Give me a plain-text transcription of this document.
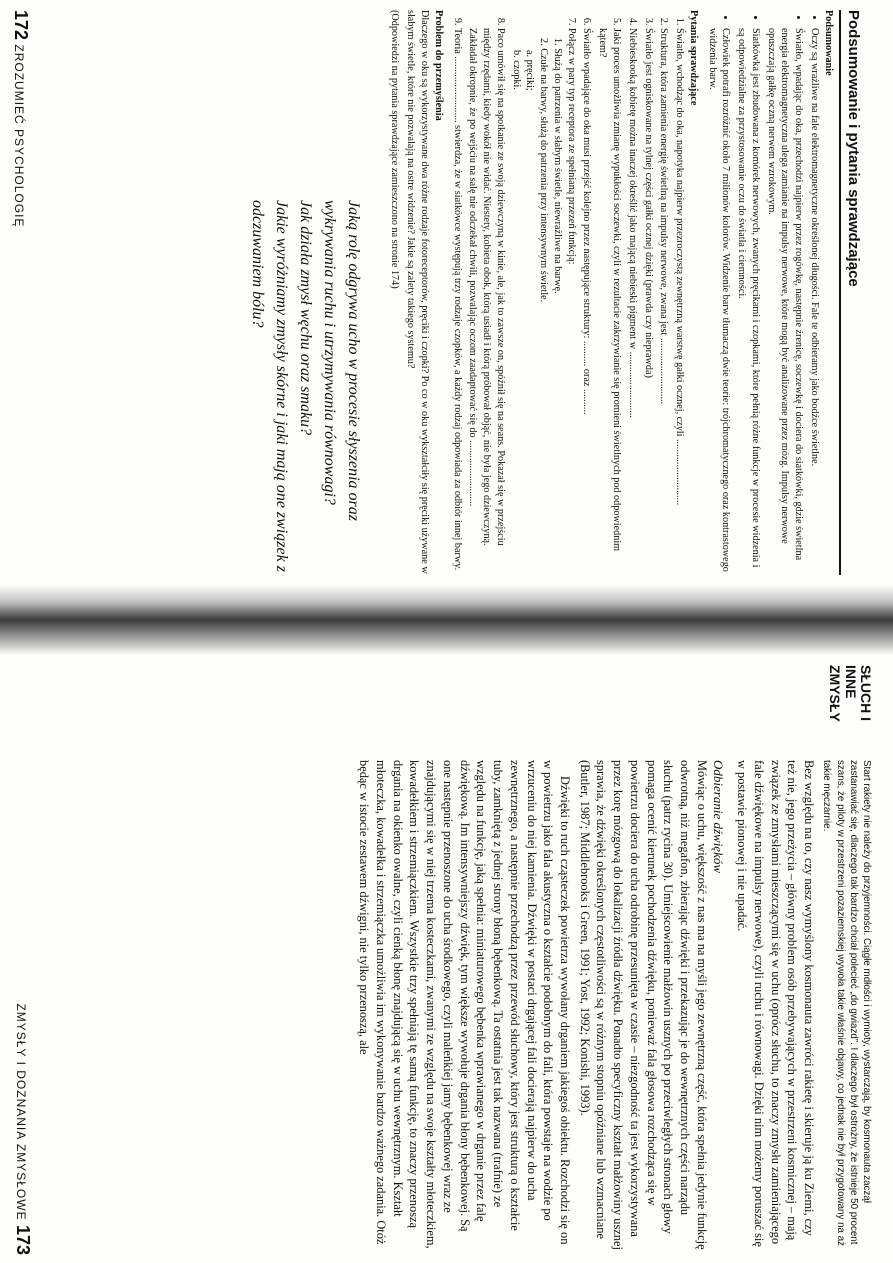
Podsumowanie i pytania sprawdzające
Podsumowanie
• Oczy są wrażliwe na fale elektromagnetyczne określonej długości. Fale te odbieramy jako bodźce świetlne.
• Światło, wpadając do oka, przechodzi najpierw przez rogówkę, następnie źrenicę, soczewkę i dociera do siatkówki, gdzie świetlna energia elektromagnetyczna ulega zamianie na impulsy nerwowe, które mogą być analizowane przez mózg. Impulsy nerwowe opuszczają gałkę oczną nerwem wzrokowym.
• Siatkówka jest zbudowana z komórek nerwowych, zwanych pręcikami i czopkami, które pełnią różne funkcje w procesie widzenia i są odpowiedzialne za przystosowanie oczu do światła i ciemności.
• Człowiek potrafi rozróżnić około 7 milionów kolorów. Widzenie barw tłumaczą dwie teorie: trójchromatycznego oraz kontrastowego widzenia barw.
Pytania sprawdzające
1. Światło, wchodząc do oka, napotyka najpierw przezroczystą zewnętrzną warstwę gałki ocznej, czyli ..........................
2. Struktura, która zamienia energię świetlną na impulsy nerwowe, zwana jest ..........................
3. Światło jest ogniskowane na tylnej części gałki ocznej dzięki (prawda czy nieprawda)
4. Niebieskooką kobietę można inaczej określić jako mającą niebieski pigment w ..........................
5. Jaki proces umożliwia zmianę wypukłości soczewki, czyli w rezultacie zakrzywianie się promieni świetlnych pod odpowiednim kątem?
6. Światło wpadające do oka musi przejść kolejno przez następujące struktury: .......... oraz ..........
7. Połącz w pary typ receptora ze spełnianą przezeń funkcją:
1. Służą do patrzenia w słabym świetle, niewrażliwe na barwę.
2. Czułe na barwy, służą do patrzenia przy intensywnym świetle.
a. pręciki;
b. czopki.
8. Paco umówił się na spotkanie ze swoją dziewczyną w kinie, ale, jak to zawsze on, spóźnił się na seans. Pokazał się w przejściu między rzędami, kiedy wokół nie widać. Niestety, kobieta obok, którą usiadł i którą próbował objąć, nie była jego dziewczyną. Zakładał okropnie, że po wejściu na salę nie odczekał chwili, pozwalając oczom zaadaptować się do ..........................
9. Teoria .......................... stwierdza, że w siatkówce występują trzy rodzaje czopków, a każdy rodzaj odpowiada za odbiór innej barwy.
Problem do przemyślenia

Dlaczego w oku są wykorzystywane dwa różne rodzaje fotoreceptorów, pręciki i czopki? Po co w oku wykształciły się pręciki używane w słabym świetle, które nie pozwalają na ostre widzenie? Jakie są zalety takiego systemu?

(Odpowiedzi na pytania sprawdzające zamieszczono na stronie 174)

Jaką rolę odgrywa ucho w procesie słyszenia oraz wykrywania ruchu i utrzymywania równowagi?
Jak działa zmysł węchu oraz smaku?
Jakie wyróżniamy zmysły skórne i jaki mają one związek z odczuwaniem bólu?
172 ZROZUMIEĆ PSYCHOLOGIĘ
SŁUCH I INNE
ZMYSŁY

Start rakiety nie należy do przyjemności. Ciągłe mdłości i wymioty, wystarczają, by kosmonauta zaczął zastanawiać się, dlaczego tak bardzo chciał polecieć „do gwiazd”. I dlaczego był ostrożny, że istnieje 50 procent szans, że piloty w przestrzeni pozaziemskiej wywoła takie właśnie objawy, co jednak nie był przygotowany na aż takie męczarnie.

Bez względu na to, czy nasz wymyślony kosmonauta zawróci rakietę i skieruje ją ku Ziemi, czy też nie, jego przeżycia – główny problem osób przebywających w przestrzeni kosmicznej – mają związek ze zmysłami mieszczącymi się w uchu (oprócz słuchu, to znaczy zmysłu zamieniającego fale dźwiękowe na impulsy nerwowe), czyli ruchu i równowagi. Dzięki nim możemy poruszać się w postawie pionowej i nie upadać.

Odbieranie dźwięków

Mówiąc o uchu, większość z nas ma na myśli jego zewnętrzną część, która spełnia jedynie funkcję odwrotną, niż megafon, zbierając dźwięki i przekazując je do wewnętrznych części narządu słuchu (patrz rycina 30). Umiejscowienie małżowin usznych po przeciwległych stronach głowy pomaga ocenić kierunek pochodzenia dźwięku, ponieważ fala głosowa rozchodząca się w powietrzu dociera do ucha odrobinę przesunięta w czasie – niezgodność ta jest wykorzystywana przez korę mózgową do lokalizacji źródła dźwięku. Ponadto specyficzny kształt małżowiny usznej sprawia, że dźwięki określonych częstotliwości są w różnym stopniu opóźniane lub wzmacniane (Butler, 1987; Middlebrooks i Green, 1991; Yost, 1992; Konishi, 1993).

Dźwięki to ruch cząsteczek powietrza wywołany drganiem jakiegoś obiektu. Rozchodzi się on w powietrzu jako fala akustyczna o kształcie podobnym do fali, która powstaje na wodzie po wrzuceniu do niej kamienia. Dźwięki w postaci drgającej fali docierają najpierw do ucha zewnętrznego, a następnie przechodzą przez przewód słuchowy, który jest strukturą o kształcie tuby, zamkniętą z jednej strony błoną bębenkową. Ta ostatnia jest tak nazwana (trafnie) ze względu na funkcję, jaką spełnia: miniaturowego bębenka wprawianego w drganie przez falę dźwiękową. Im intensywniejszy dźwięk, tym większe wywołuje drgania błony bębenkowej. Są one następnie przenoszone do ucha środkowego, czyli maleńkiej jamy bębenkowej wraz ze znajdującymi się w niej trzema kosteczkami, zwanymi ze względu na swoje kształty młoteczkiem, kowadełkiem i strzemiączkiem. Wszystkie trzy spełniają tę samą funkcję, to znaczy przenoszą drgania na okienko owalne, czyli cienką błonę znajdującą się w uchu wewnętrznym. Kształt młoteczka, kowadełka i strzemiączka umożliwia im wykonywanie bardzo ważnego zadania. Otóż będąc w istocie zestawem dźwigni, nie tylko przenoszą, ale

ZMYSŁY I DOZNANIA ZMYSŁOWE 173
